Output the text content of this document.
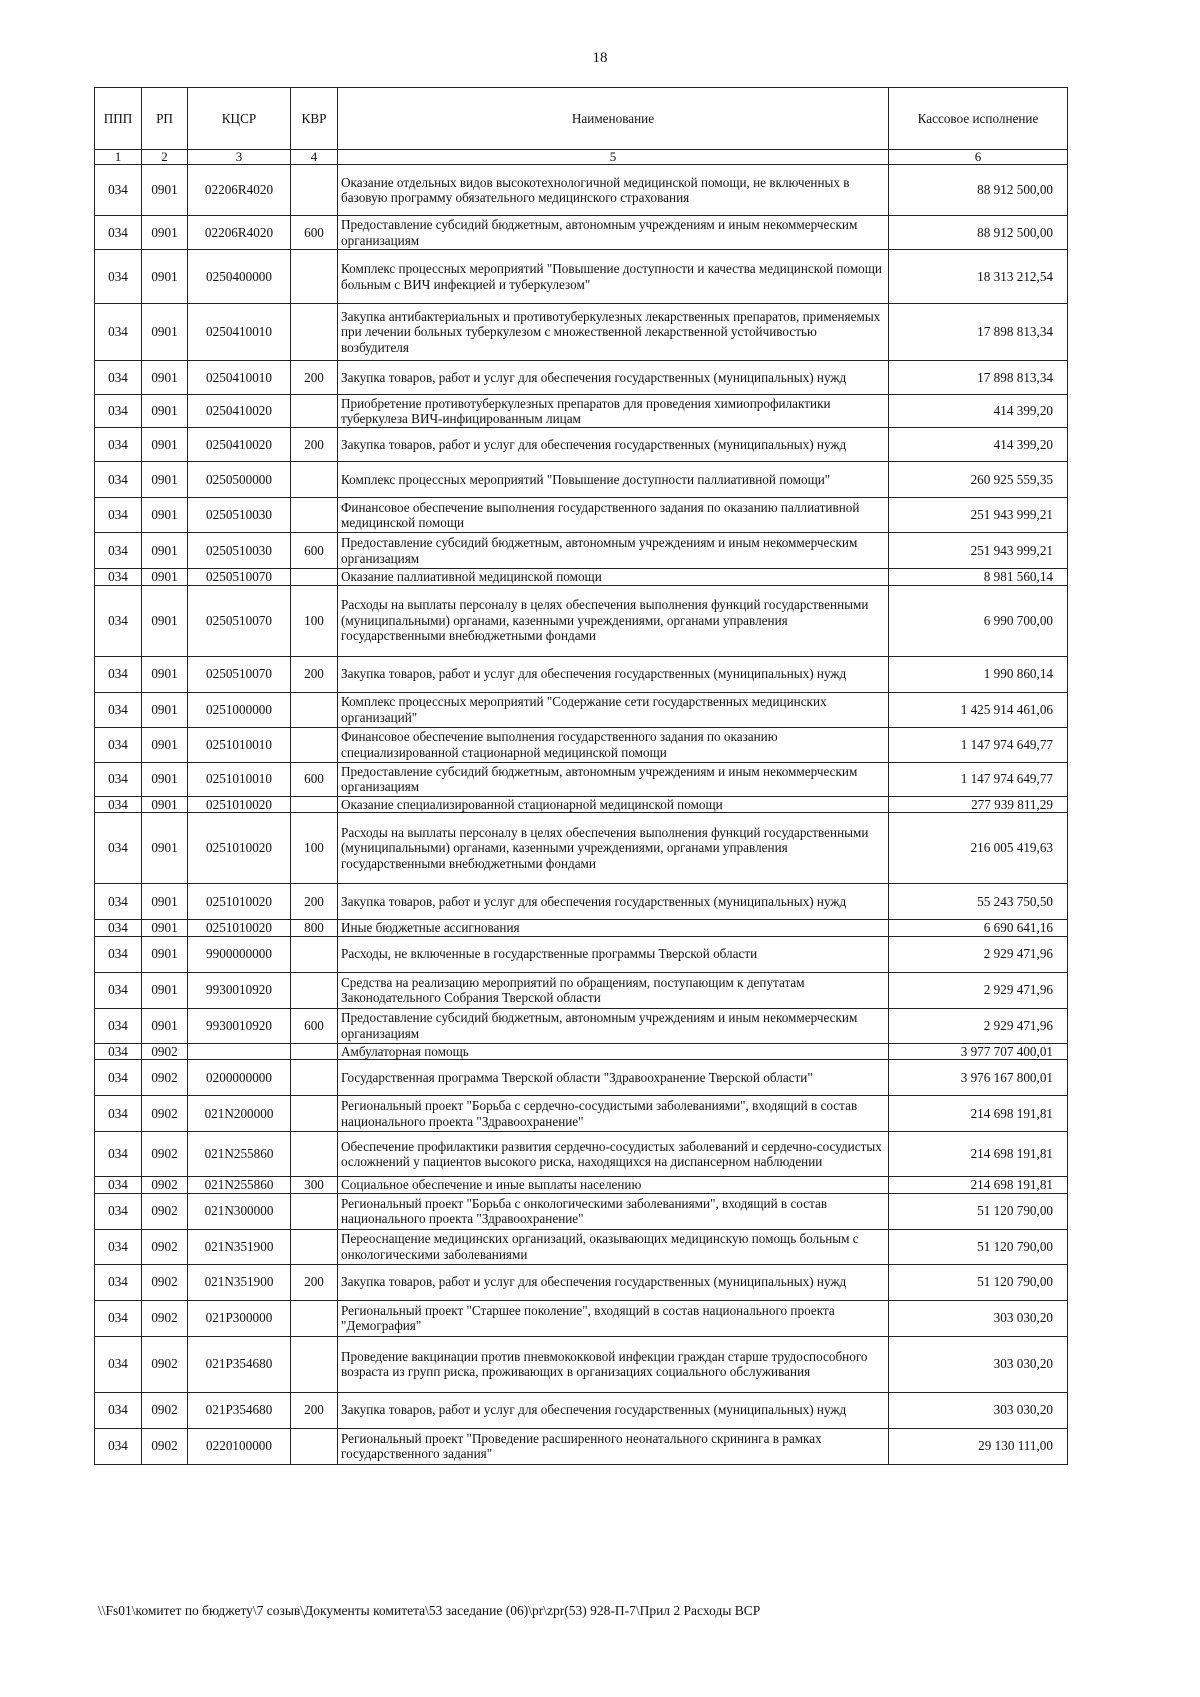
18
ППП	РП	КЦСР	КВР	Наименование	Кассовое исполнение
1	2	3	4	5	6
034	0901	02206R4020		Оказание отдельных видов высокотехнологичной медицинской помощи, не включенных в базовую программу обязательного медицинского страхования	88 912 500,00
034	0901	02206R4020	600	Предоставление субсидий бюджетным, автономным учреждениям и иным некоммерческим организациям	88 912 500,00
034	0901	0250400000		Комплекс процессных мероприятий "Повышение доступности и качества медицинской помощи больным с ВИЧ инфекцией и туберкулезом"	18 313 212,54
034	0901	0250410010		Закупка антибактериальных и противотуберкулезных лекарственных препаратов, применяемых при лечении больных туберкулезом с множественной лекарственной устойчивостью возбудителя	17 898 813,34
034	0901	0250410010	200	Закупка товаров, работ и услуг для обеспечения государственных (муниципальных) нужд	17 898 813,34
034	0901	0250410020		Приобретение противотуберкулезных препаратов для проведения химиопрофилактики туберкулеза ВИЧ-инфицированным лицам	414 399,20
034	0901	0250410020	200	Закупка товаров, работ и услуг для обеспечения государственных (муниципальных) нужд	414 399,20
034	0901	0250500000		Комплекс процессных мероприятий "Повышение доступности паллиативной помощи"	260 925 559,35
034	0901	0250510030		Финансовое обеспечение выполнения государственного задания по оказанию паллиативной медицинской помощи	251 943 999,21
034	0901	0250510030	600	Предоставление субсидий бюджетным, автономным учреждениям и иным некоммерческим организациям	251 943 999,21
034	0901	0250510070		Оказание паллиативной медицинской помощи	8 981 560,14
034	0901	0250510070	100	Расходы на выплаты персоналу в целях обеспечения выполнения функций государственными (муниципальными) органами, казенными учреждениями, органами управления государственными внебюджетными фондами	6 990 700,00
034	0901	0250510070	200	Закупка товаров, работ и услуг для обеспечения государственных (муниципальных) нужд	1 990 860,14
034	0901	0251000000		Комплекс процессных мероприятий "Содержание сети государственных медицинских организаций"	1 425 914 461,06
034	0901	0251010010		Финансовое обеспечение выполнения государственного задания по оказанию специализированной стационарной медицинской помощи	1 147 974 649,77
034	0901	0251010010	600	Предоставление субсидий бюджетным, автономным учреждениям и иным некоммерческим организациям	1 147 974 649,77
034	0901	0251010020		Оказание специализированной стационарной медицинской помощи	277 939 811,29
034	0901	0251010020	100	Расходы на выплаты персоналу в целях обеспечения выполнения функций государственными (муниципальными) органами, казенными учреждениями, органами управления государственными внебюджетными фондами	216 005 419,63
034	0901	0251010020	200	Закупка товаров, работ и услуг для обеспечения государственных (муниципальных) нужд	55 243 750,50
034	0901	0251010020	800	Иные бюджетные ассигнования	6 690 641,16
034	0901	9900000000		Расходы, не включенные в государственные программы Тверской области	2 929 471,96
034	0901	9930010920		Средства на реализацию мероприятий по обращениям, поступающим к депутатам Законодательного Собрания Тверской области	2 929 471,96
034	0901	9930010920	600	Предоставление субсидий бюджетным, автономным учреждениям и иным некоммерческим организациям	2 929 471,96
034	0902			Амбулаторная помощь	3 977 707 400,01
034	0902	0200000000		Государственная программа Тверской области "Здравоохранение Тверской области"	3 976 167 800,01
034	0902	021N200000		Региональный проект "Борьба с сердечно-сосудистыми заболеваниями", входящий в состав национального проекта "Здравоохранение"	214 698 191,81
034	0902	021N255860		Обеспечение профилактики развития сердечно-сосудистых заболеваний и сердечно-сосудистых осложнений у пациентов высокого риска, находящихся на диспансерном наблюдении	214 698 191,81
034	0902	021N255860	300	Социальное обеспечение и иные выплаты населению	214 698 191,81
034	0902	021N300000		Региональный проект "Борьба с онкологическими заболеваниями", входящий в состав национального проекта "Здравоохранение"	51 120 790,00
034	0902	021N351900		Переоснащение медицинских организаций, оказывающих медицинскую помощь больным с онкологическими заболеваниями	51 120 790,00
034	0902	021N351900	200	Закупка товаров, работ и услуг для обеспечения государственных (муниципальных) нужд	51 120 790,00
034	0902	021P300000		Региональный проект "Старшее поколение", входящий в состав национального проекта "Демография"	303 030,20
034	0902	021P354680		Проведение вакцинации против пневмококковой инфекции граждан старше трудоспособного возраста из групп риска, проживающих в организациях социального обслуживания	303 030,20
034	0902	021P354680	200	Закупка товаров, работ и услуг для обеспечения государственных (муниципальных) нужд	303 030,20
034	0902	0220100000		Региональный проект "Проведение расширенного неонатального скрининга в рамках государственного задания"	29 130 111,00
\\Fs01\комитет по бюджету\7 созыв\Документы комитета\53 заседание (06)\pr\zpr(53) 928-П-7\Прил 2 Расходы ВСР
